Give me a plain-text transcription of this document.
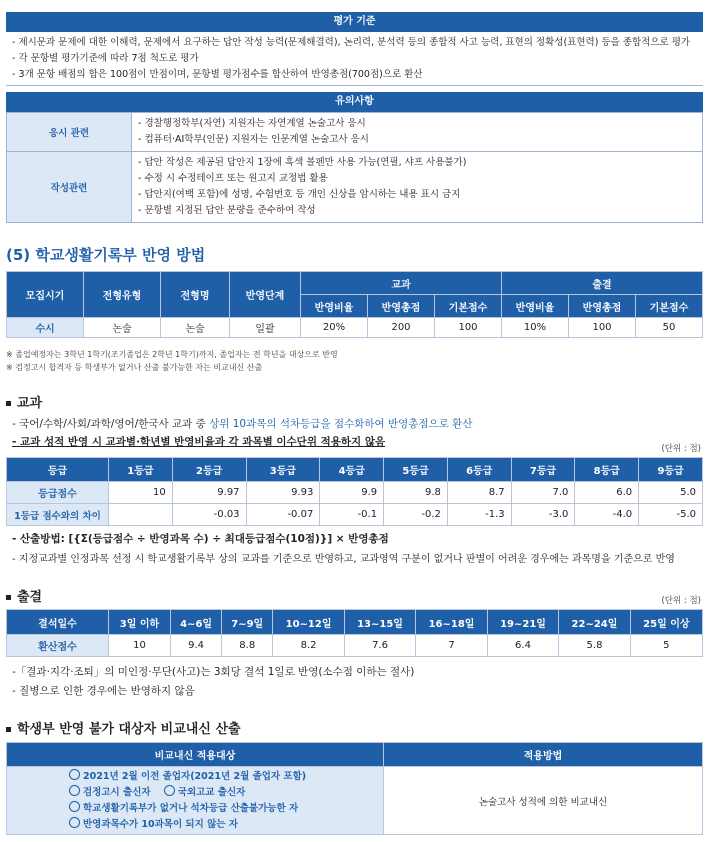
평가 기준
- 제시문과 문제에 대한 이해력, 문제에서 요구하는 답안 작성 능력(문제해결력), 논리력, 분석력 등의 종합적 사고 능력, 표현의 정확성(표현력) 등을 종합적으로 평가
- 각 문항별 평가기준에 따라 7점 척도로 평가
- 3개 문항 배점의 합은 100점이 만점이며, 문항별 평가점수를 합산하여 반영총점(700점)으로 환산
유의사항
응시 관련	- 경찰행정학부(자연) 지원자는 자연계열 논술고사 응시
- 컴퓨터·AI학부(인문) 지원자는 인문계열 논술고사 응시

작성관련	- 답안 작성은 제공된 답안지 1장에 흑색 볼펜만 사용 가능(연필, 샤프 사용불가)
- 수정 시 수정테이프 또는 원고지 교정법 활용
- 답안지(여백 포함)에 성명, 수험번호 등 개인 신상을 암시하는 내용 표시 금지
- 문항별 지정된 답안 분량을 준수하여 작성
(5) 학교생활기록부 반영 방법
모집시기	전형유형	전형명	반영단계	교과			출결		
				반영비율	반영총점	기본점수	반영비율	반영총점	기본점수
수시	논술	논술	일괄	20%	200	100	10%	100	50
※ 졸업예정자는 3학년 1학기(조기졸업은 2학년 1학기)까지, 졸업자는 전 학년을 대상으로 반영
※ 검정고시 합격자 등 학생부가 없거나 산출 불가능한 자는 비교내신 산출
교과
- 국어/수학/사회/과학/영어/한국사 교과 중 상위 10과목의 석차등급을 점수화하여 반영총점으로 환산
- 교과 성적 반영 시 교과별·학년별 반영비율과 각 과목별 이수단위 적용하지 않음
(단위 : 점)
등급	1등급	2등급	3등급	4등급	5등급	6등급	7등급	8등급	9등급
등급점수	10	9.97	9.93	9.9	9.8	8.7	7.0	6.0	5.0
1등급 점수와의 차이		-0.03	-0.07	-0.1	-0.2	-1.3	-3.0	-4.0	-5.0
- 산출방법: [{Σ(등급점수 ÷ 반영과목 수) ÷ 최대등급점수(10점)}] × 반영총점
- 지정교과별 인정과목 선정 시 학교생활기록부 상의 교과를 기준으로 반영하고, 교과영역 구분이 없거나 판별이 어려운 경우에는 과목명을 기준으로 반영
출결	(단위 : 점)
결석일수	3일 이하	4~6일	7~9일	10~12일	13~15일	16~18일	19~21일	22~24일	25일 이상
환산점수	10	9.4	8.8	8.2	7.6	7	6.4	5.8	5
-「결과·지각·조퇴」의 미인정·무단(사고)는 3회당 결석 1일로 반영(소수점 이하는 절사)
- 질병으로 인한 경우에는 반영하지 않음
학생부 반영 불가 대상자 비교내신 산출
비교내신 적용대상	적용방법

2021년 2월 이전 졸업자(2021년 2월 졸업자 포함)
검정고시 출신자 국외고교 출신자
학교생활기록부가 없거나 석차등급 산출불가능한 자
반영과목수가 10과목이 되지 않는 자	논술고사 성적에 의한 비교내신
